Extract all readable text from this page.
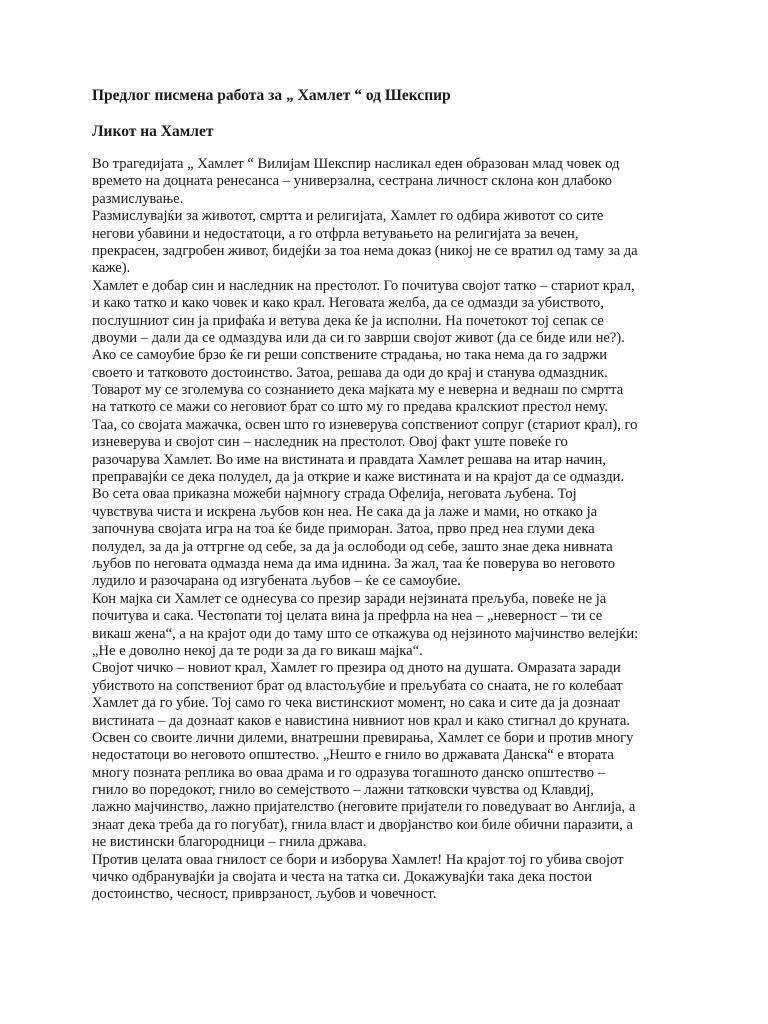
Предлог писмена работа за „ Хамлет “ од Шекспир
Ликот на Хамлет
Во трагедијата „ Хамлет “ Вилијам Шекспир насликал еден образован млад човек од
времето на доцната ренесанса – универзална, сестрана личност склона кон длабоко
размислување.
Размислувајќи за животот, смртта и религијата, Хамлет го одбира животот со сите
негови убавини и недостатоци, а го отфрла ветувањето на религијата за вечен,
прекрасен, задгробен живот, бидејќи за тоа нема доказ (никој не се вратил од таму за да
каже).
Хамлет е добар син и наследник на престолот. Го почитува својот татко – стариот крал,
и како татко и како човек и како крал. Неговата желба, да се одмазди за убиството,
послушниот син ја прифаќа и ветува дека ќе ја исполни. На почетокот тој сепак се
двоуми – дали да се одмаздува или да си го заврши својот живот (да се биде или не?).
Ако се самоубие брзо ќе ги реши сопствените страдања, но така нема да го задржи
своето и татковото достоинство. Затоа, решава да оди до крај и станува одмаздник.
Товарот му се зголемува со сознанието дека мајката му е неверна и веднаш по смртта
на таткото се мажи со неговиот брат со што му го предава кралскиот престол нему.
Таа, со својата мажачка, освен што го изневерува сопствениот сопруг (стариот крал), го
изневерува и својот син – наследник на престолот. Овој факт уште повеќе го
разочарува Хамлет. Во име на вистината и правдата Хамлет решава на итар начин,
преправајќи се дека полудел, да ја открие и каже вистината и на крајот да се одмазди.
Во сета оваа приказна можеби најмногу страда Офелија, неговата љубена. Тој
чувствува чиста и искрена љубов кон неа. Не сака да ја лаже и мами, но откако ја
започнува својата игра на тоа ќе биде приморан. Затоа, прво пред неа глуми дека
полудел, за да ја оттргне од себе, за да ја ослободи од себе, зашто знае дека нивната
љубов по неговата одмазда нема да има иднина. За жал, таа ќе поверува во неговото
лудило и разочарана од изгубената љубов – ќе се самоубие.
Кон мајка си Хамлет се однесува со презир заради нејзината прељуба, повеќе не ја
почитува и сака. Честопати тој целата вина ја префрла на неа – „неверност – ти се
викаш жена“, а на крајот оди до таму што се откажува од нејзиното мајчинство велејќи:
„Не е доволно некој да те роди за да го викаш мајка“.
Својот чичко – новиот крал, Хамлет го презира од дното на душата. Омразата заради
убиството на сопствениот брат од властољубие и прељубата со снаата, не го колебаат
Хамлет да го убие. Тој само го чека вистинскиот момент, но сака и сите да ја дознаат
вистината – да дознаат каков е навистина нивниот нов крал и како стигнал до круната.
Освен со своите лични дилеми, внатрешни превирања, Хамлет се бори и против многу
недостатоци во неговото општество. „Нешто е гнило во државата Данска“ е втората
многу позната реплика во оваа драма и го одразува тогашното данско општество –
гнило во поредокот, гнило во семејството – лажни татковски чувства од Клавдиј,
лажно мајчинство, лажно пријателство (неговите пријатели го поведуваат во Англија, а
знаат дека треба да го погубат), гнила власт и дворјанство кои биле обични паразити, а
не вистински благородници – гнила држава.
Против целата оваа гнилост се бори и изборува Хамлет! На крајот тој го убива својот
чичко одбранувајќи ја својата и честа на татка си. Докажувајќи така дека постои
достоинство, чесност, приврзаност, љубов и човечност.
